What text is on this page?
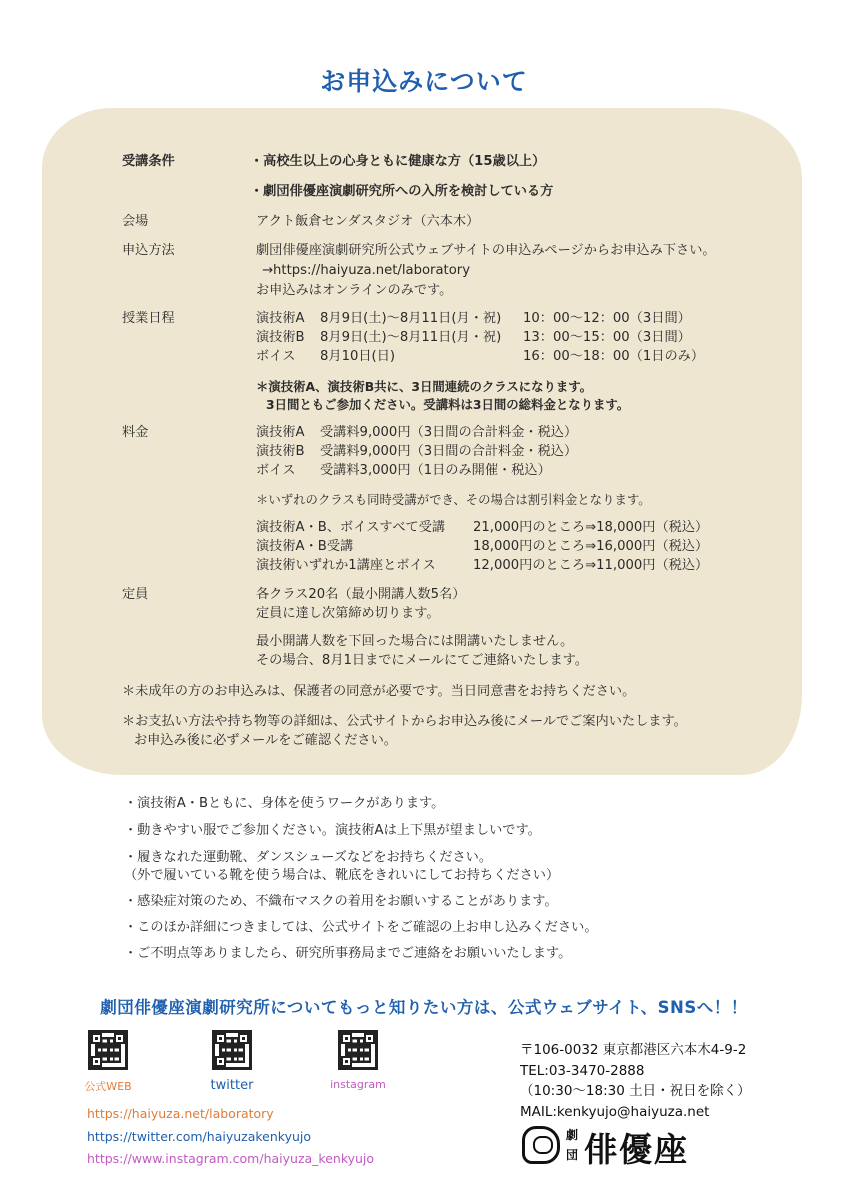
お申込みについて
受講条件	・高校生以上の心身ともに健康な方（15歳以上）
・劇団俳優座演劇研究所への入所を検討している方
会場	アクト飯倉センダスタジオ（六本木）
申込方法	劇団俳優座演劇研究所公式ウェブサイトの申込みページからお申込み下さい。
→https://haiyuza.net/laboratory
お申込みはオンラインのみです。
授業日程	演技術A 8月9日(土)〜8月11日(月・祝) 10：00〜12：00（3日間）
演技術B 8月9日(土)〜8月11日(月・祝) 13：00〜15：00（3日間）
ボイス 8月10日(日)	16：00〜18：00（1日のみ）
＊演技術A、演技術B共に、3日間連続のクラスになります。
3日間ともご参加ください。受講料は3日間の総料金となります。
料金	演技術A 受講料9,000円（3日間の合計料金・税込）
演技術B 受講料9,000円（3日間の合計料金・税込）
ボイス 受講料3,000円（1日のみ開催・税込）
＊いずれのクラスも同時受講ができ、その場合は割引料金となります。
演技術A・B、ボイスすべて受講 21,000円のところ⇒18,000円（税込）
演技術A・B受講	18,000円のところ⇒16,000円（税込）
演技術いずれか1講座とボイス	12,000円のところ⇒11,000円（税込）
定員	各クラス20名（最小開講人数5名）
定員に達し次第締め切ります。
最小開講人数を下回った場合には開講いたしません。
その場合、8月1日までにメールにてご連絡いたします。
＊未成年の方のお申込みは、保護者の同意が必要です。当日同意書をお持ちください。
＊お支払い方法や持ち物等の詳細は、公式サイトからお申込み後にメールでご案内いたします。
お申込み後に必ずメールをご確認ください。
・演技術A・Bともに、身体を使うワークがあります。
・動きやすい服でご参加ください。演技術Aは上下黒が望ましいです。
・履きなれた運動靴、ダンスシューズなどをお持ちください。
（外で履いている靴を使う場合は、靴底をきれいにしてお持ちください）
・感染症対策のため、不織布マスクの着用をお願いすることがあります。
・このほか詳細につきましては、公式サイトをご確認の上お申し込みください。
・ご不明点等ありましたら、研究所事務局までご連絡をお願いいたします。
劇団俳優座演劇研究所についてもっと知りたい方は、公式ウェブサイト、SNSへ！！
公式WEB	twitter	instagram
https://haiyuza.net/laboratory
https://twitter.com/haiyuzakenkyujo
https://www.instagram.com/haiyuza_kenkyujo
〒106-0032 東京都港区六本木4-9-2
TEL:03-3470-2888
（10:30〜18:30 土日・祝日を除く）
MAIL:kenkyujo@haiyuza.net
劇
団 俳優座
